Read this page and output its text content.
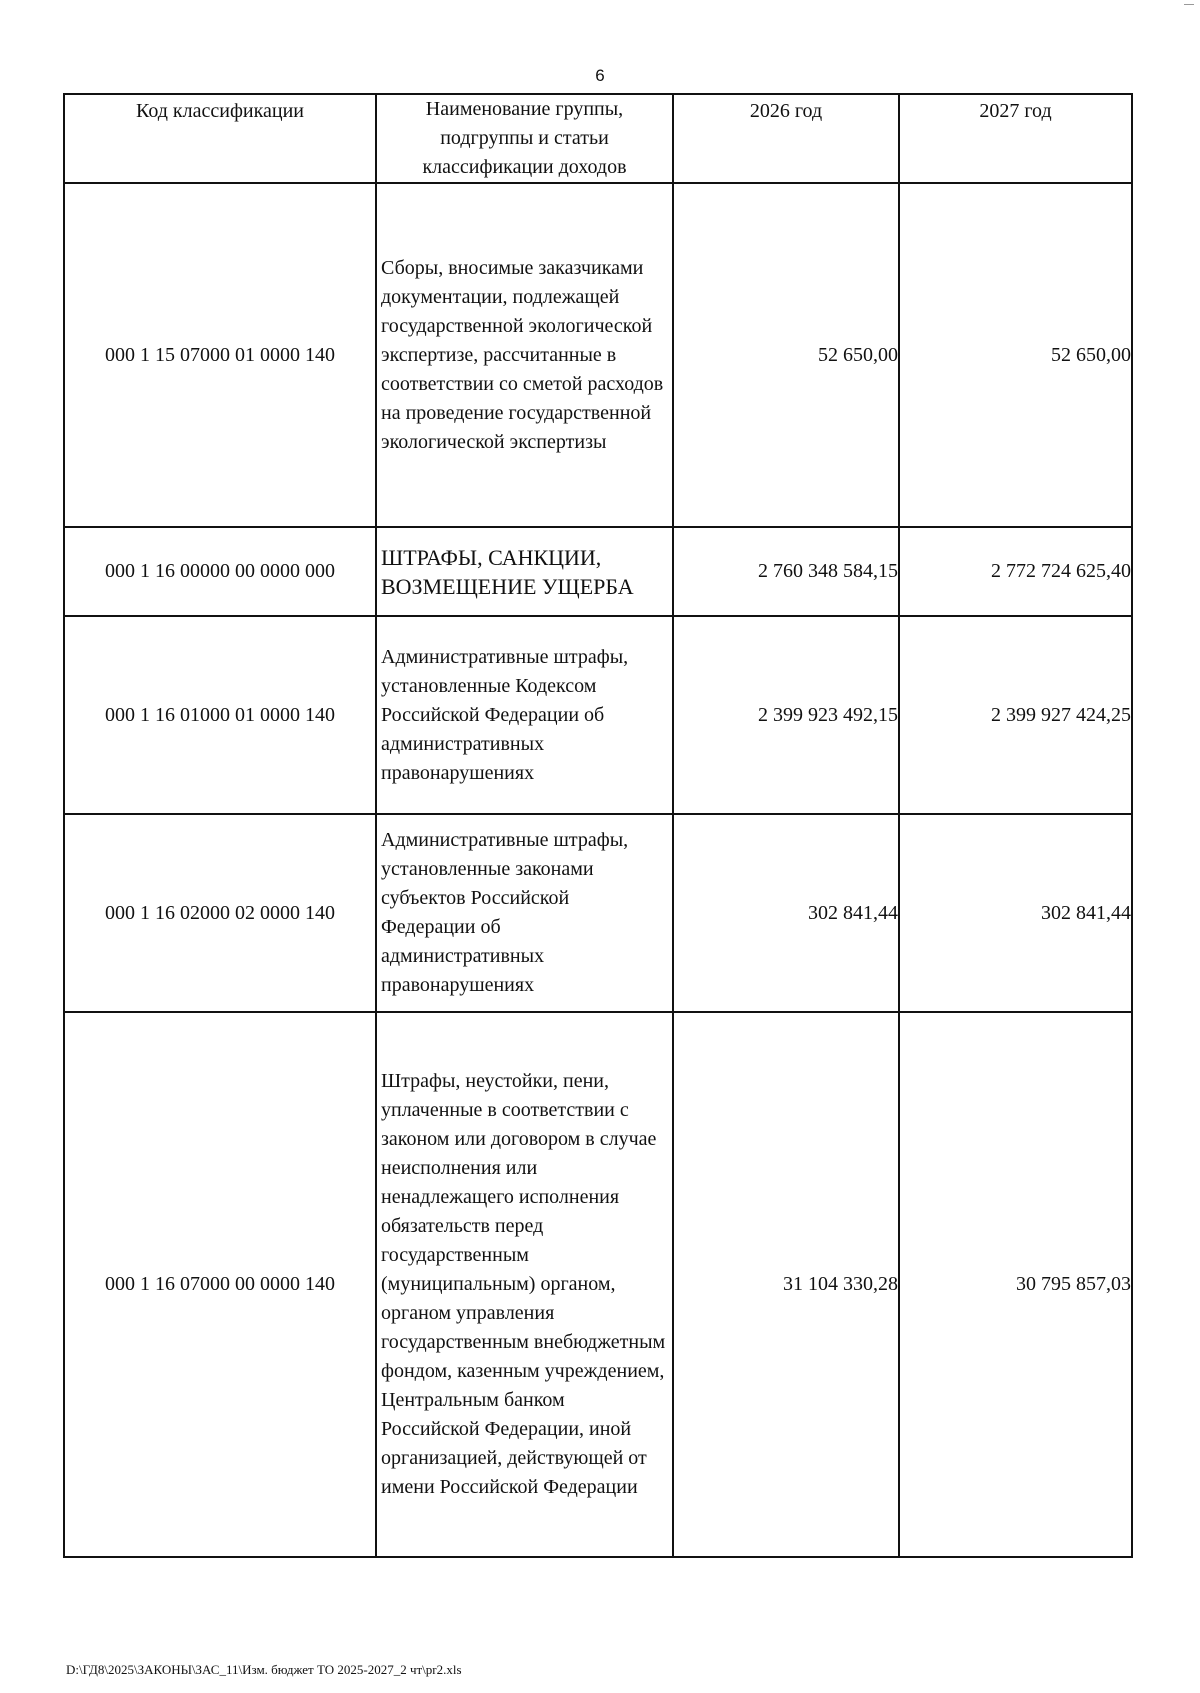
6
Код классификации	Наименование группы, подгруппы и статьи классификации доходов	2026 год	2027 год
000 1 15 07000 01 0000 140	Сборы, вносимые заказчиками документации, подлежащей государственной экологической экспертизе, рассчитанные в соответствии со сметой расходов на проведение государственной экологической экспертизы	52 650,00	52 650,00
000 1 16 00000 00 0000 000	ШТРАФЫ, САНКЦИИ, ВОЗМЕЩЕНИЕ УЩЕРБА	2 760 348 584,15	2 772 724 625,40
000 1 16 01000 01 0000 140	Административные штрафы, установленные Кодексом Российской Федерации об административных правонарушениях	2 399 923 492,15	2 399 927 424,25
000 1 16 02000 02 0000 140	Административные штрафы, установленные законами субъектов Российской Федерации об административных правонарушениях	302 841,44	302 841,44
000 1 16 07000 00 0000 140	Штрафы, неустойки, пени, уплаченные в соответствии с законом или договором в случае неисполнения или ненадлежащего исполнения обязательств перед государственным (муниципальным) органом, органом управления государственным внебюджетным фондом, казенным учреждением, Центральным банком Российской Федерации, иной организацией, действующей от имени Российской Федерации	31 104 330,28	30 795 857,03
D:\ГД8\2025\ЗАКОНЫ\ЗАС_11\Изм. бюджет ТО 2025-2027_2 чт\pr2.xls
